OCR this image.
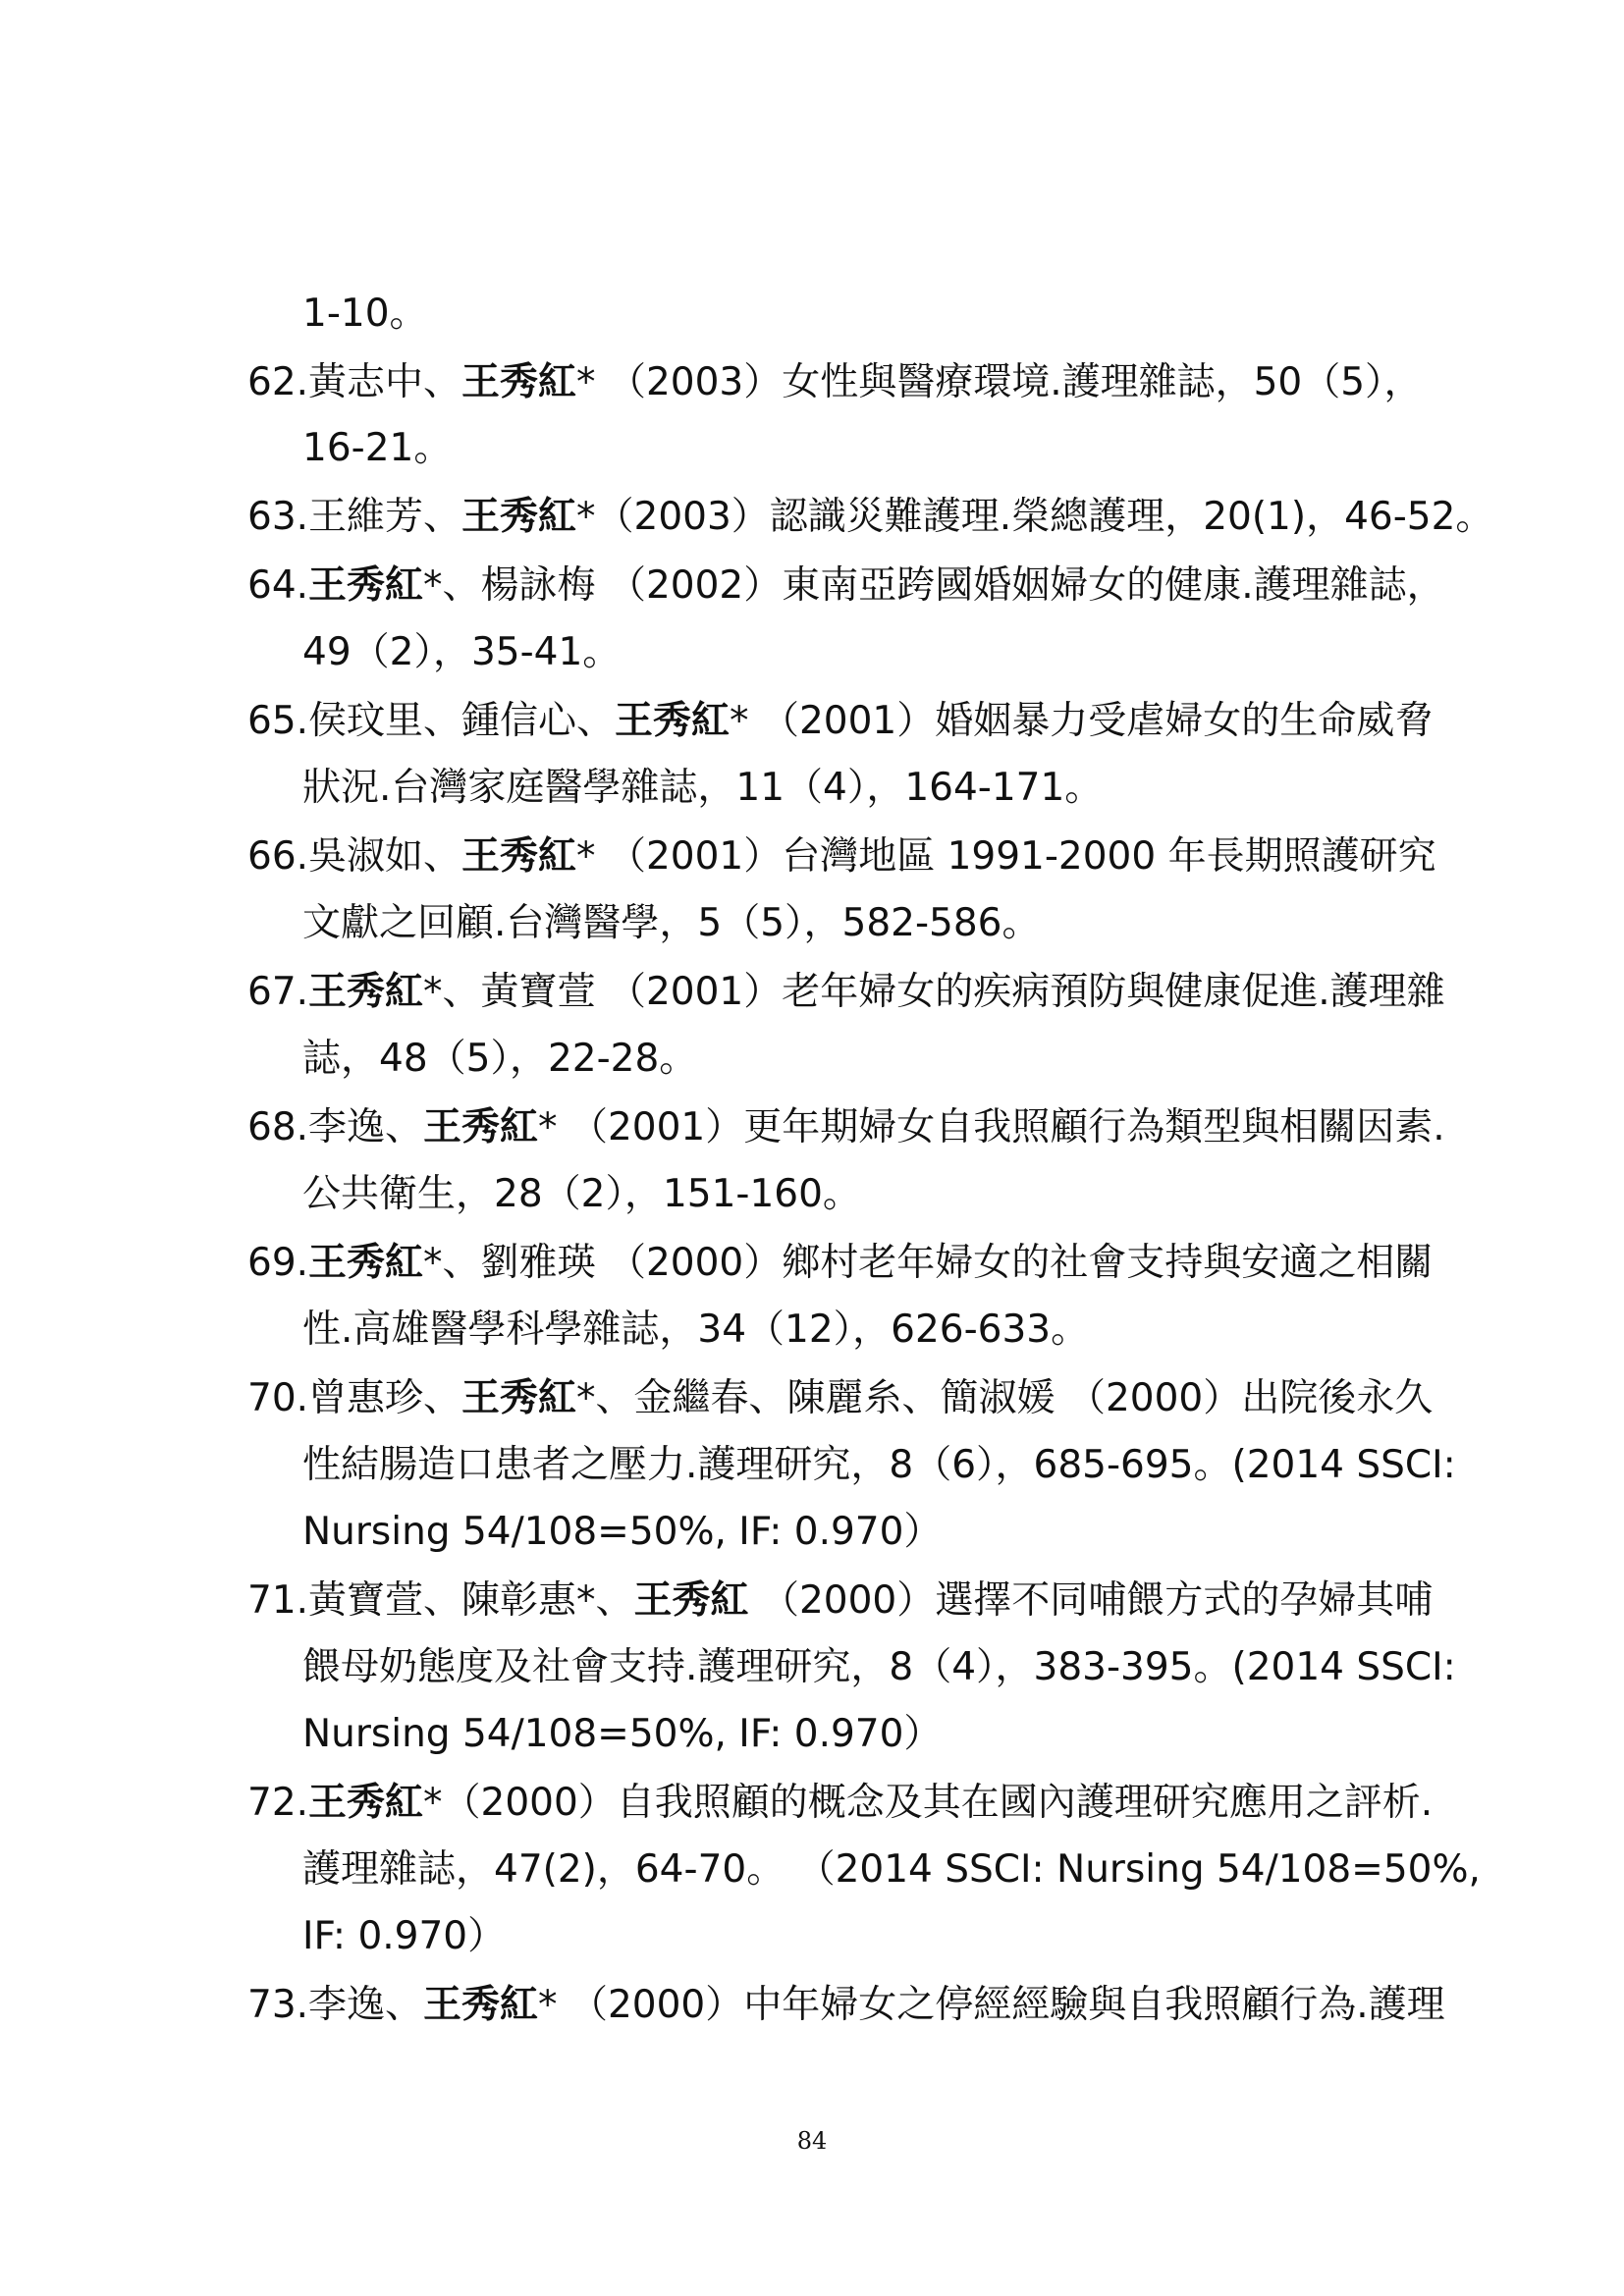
1-10。
62.黃志中、王秀紅* （2003）女性與醫療環境.護理雜誌，50（5），
16-21。
63.王維芳、王秀紅*（2003）認識災難護理.榮總護理，20(1)，46-52。
64.王秀紅*、楊詠梅 （2002）東南亞跨國婚姻婦女的健康.護理雜誌，
49（2），35-41。
65.侯玟里、鍾信心、王秀紅* （2001）婚姻暴力受虐婦女的生命威脅
狀況.台灣家庭醫學雜誌，11（4），164-171。
66.吳淑如、王秀紅* （2001）台灣地區 1991-2000 年長期照護研究
文獻之回顧.台灣醫學，5（5），582-586。
67.王秀紅*、黃寶萱 （2001）老年婦女的疾病預防與健康促進.護理雜
誌，48（5），22-28。
68.李逸、王秀紅* （2001）更年期婦女自我照顧行為類型與相關因素.
公共衛生，28（2），151-160。
69.王秀紅*、劉雅瑛 （2000）鄉村老年婦女的社會支持與安適之相關
性.高雄醫學科學雜誌，34（12），626-633。
70.曾惠珍、王秀紅*、金繼春、陳麗糸、簡淑媛 （2000）出院後永久
性結腸造口患者之壓力.護理研究，8（6），685-695。(2014 SSCI:
Nursing 54/108=50%, IF: 0.970）
71.黃寶萱、陳彰惠*、王秀紅 （2000）選擇不同哺餵方式的孕婦其哺
餵母奶態度及社會支持.護理研究，8（4），383-395。(2014 SSCI:
Nursing 54/108=50%, IF: 0.970）
72.王秀紅*（2000）自我照顧的概念及其在國內護理研究應用之評析.
護理雜誌，47(2)，64-70。 （2014 SSCI: Nursing 54/108=50%,
IF: 0.970）
73.李逸、王秀紅* （2000）中年婦女之停經經驗與自我照顧行為.護理
84
